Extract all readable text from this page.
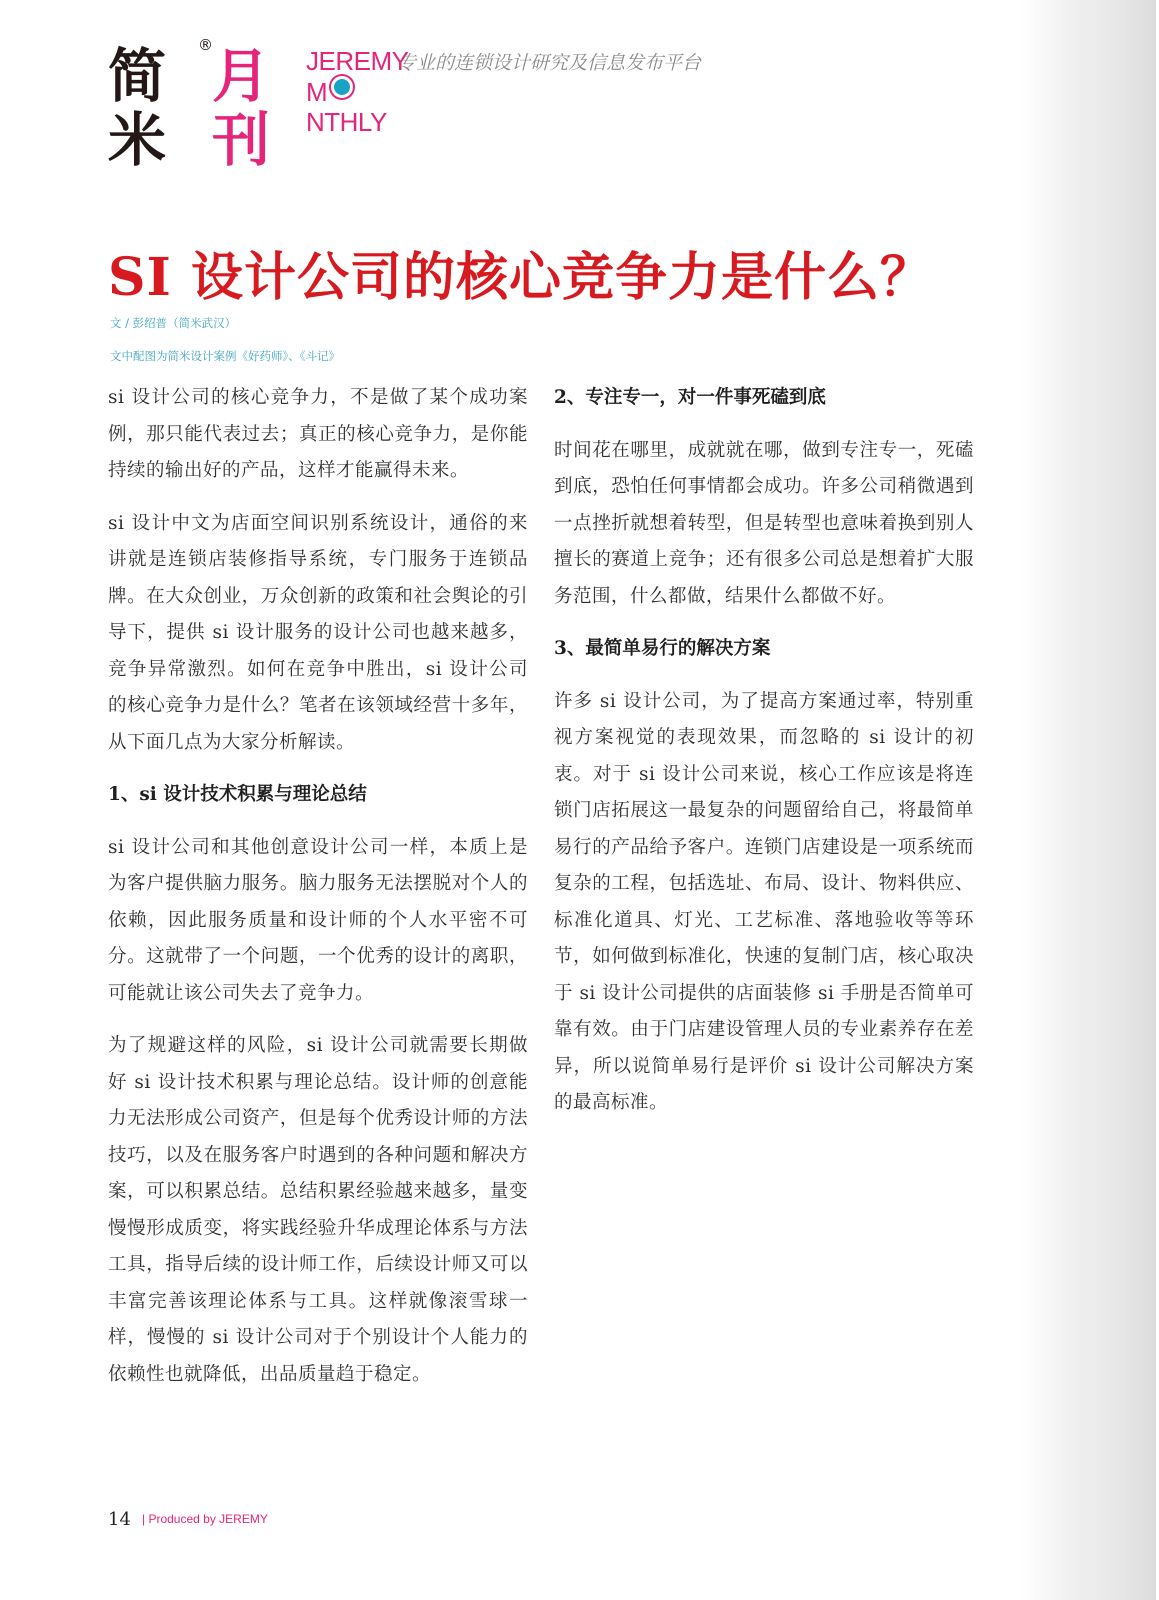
简米
® 月刊
JEREMY
MNTHLY
专业的连锁设计研究及信息发布平台
SI 设计公司的核心竞争力是什么？
文 / 彭绍普（简米武汉）
文中配图为简米设计案例《好药师》、《斗记》

si 设计公司的核心竞争力，不是做了某个成功案例，那只能代表过去；真正的核心竞争力，是你能持续的输出好的产品，这样才能赢得未来。

si 设计中文为店面空间识别系统设计，通俗的来讲就是连锁店装修指导系统，专门服务于连锁品牌。在大众创业，万众创新的政策和社会舆论的引导下，提供 si 设计服务的设计公司也越来越多，竞争异常激烈。如何在竞争中胜出，si 设计公司的核心竞争力是什么？笔者在该领域经营十多年，从下面几点为大家分析解读。

1、si 设计技术积累与理论总结

si 设计公司和其他创意设计公司一样，本质上是为客户提供脑力服务。脑力服务无法摆脱对个人的依赖，因此服务质量和设计师的个人水平密不可分。这就带了一个问题，一个优秀的设计的离职，可能就让该公司失去了竞争力。

为了规避这样的风险，si 设计公司就需要长期做好 si 设计技术积累与理论总结。设计师的创意能力无法形成公司资产，但是每个优秀设计师的方法技巧，以及在服务客户时遇到的各种问题和解决方案，可以积累总结。总结积累经验越来越多，量变慢慢形成质变，将实践经验升华成理论体系与方法工具，指导后续的设计师工作，后续设计师又可以丰富完善该理论体系与工具。这样就像滚雪球一样，慢慢的 si 设计公司对于个别设计个人能力的依赖性也就降低，出品质量趋于稳定。

2、专注专一，对一件事死磕到底

时间花在哪里，成就就在哪，做到专注专一，死磕到底，恐怕任何事情都会成功。许多公司稍微遇到一点挫折就想着转型，但是转型也意味着换到别人擅长的赛道上竞争；还有很多公司总是想着扩大服务范围，什么都做，结果什么都做不好。

3、最简单易行的解决方案

许多 si 设计公司，为了提高方案通过率，特别重视方案视觉的表现效果，而忽略的 si 设计的初衷。对于 si 设计公司来说，核心工作应该是将连锁门店拓展这一最复杂的问题留给自己，将最简单易行的产品给予客户。连锁门店建设是一项系统而复杂的工程，包括选址、布局、设计、物料供应、标准化道具、灯光、工艺标准、落地验收等等环节，如何做到标准化，快速的复制门店，核心取决于 si 设计公司提供的店面装修 si 手册是否简单可靠有效。由于门店建设管理人员的专业素养存在差异，所以说简单易行是评价 si 设计公司解决方案的最高标准。

14 | Produced by JEREMY
